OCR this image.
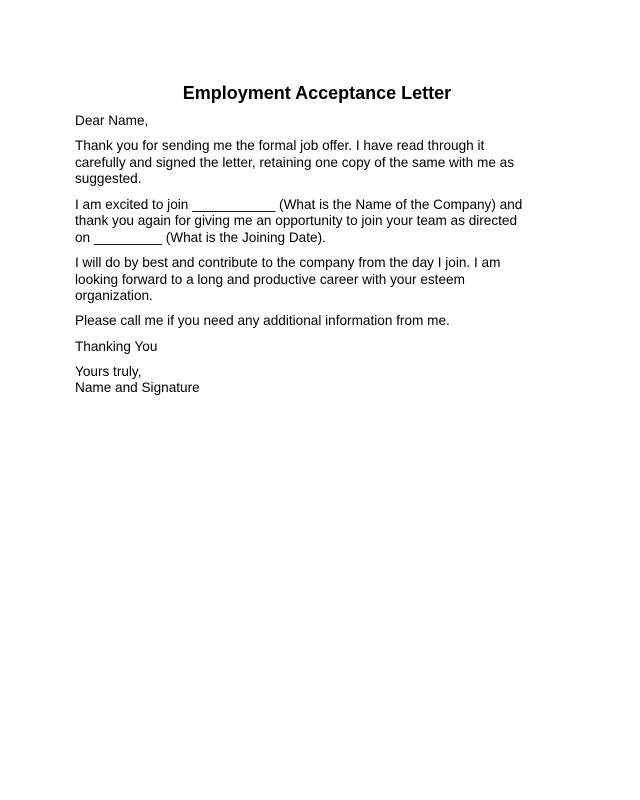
Employment Acceptance Letter
Dear Name,
Thank you for sending me the formal job offer. I have read through it
carefully and signed the letter, retaining one copy of the same with me as
suggested.
I am excited to join ___________ (What is the Name of the Company) and
thank you again for giving me an opportunity to join your team as directed
on _________ (What is the Joining Date).
I will do by best and contribute to the company from the day I join. I am
looking forward to a long and productive career with your esteem
organization.
Please call me if you need any additional information from me.
Thanking You
Yours truly,
Name and Signature
